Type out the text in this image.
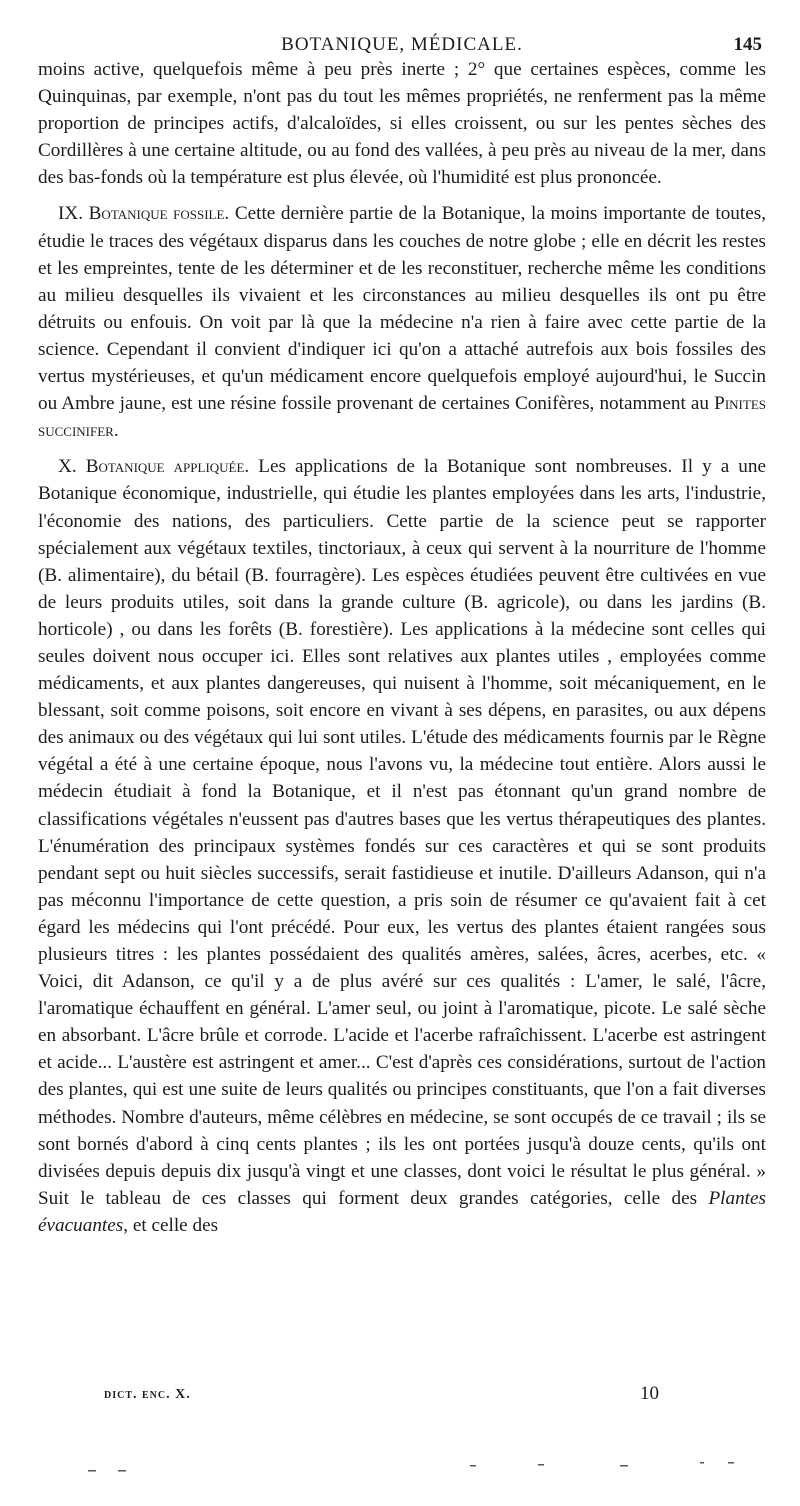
BOTANIQUE, MÉDICALE.	145

moins active, quelquefois même à peu près inerte ; 2° que certaines espèces, comme les Quinquinas, par exemple, n'ont pas du tout les mêmes propriétés, ne renferment pas la même proportion de principes actifs, d'alcaloïdes, si elles croissent, ou sur les pentes sèches des Cordillères à une certaine altitude, ou au fond des vallées, à peu près au niveau de la mer, dans des bas-fonds où la température est plus élevée, où l'humidité est plus prononcée.

IX. Botanique fossile. Cette dernière partie de la Botanique, la moins importante de toutes, étudie le traces des végétaux disparus dans les couches de notre globe ; elle en décrit les restes et les empreintes, tente de les déterminer et de les reconstituer, recherche même les conditions au milieu desquelles ils vivaient et les circonstances au milieu desquelles ils ont pu être détruits ou enfouis. On voit par là que la médecine n'a rien à faire avec cette partie de la science. Cependant il convient d'indiquer ici qu'on a attaché autrefois aux bois fossiles des vertus mystérieuses, et qu'un médicament encore quelquefois employé aujourd'hui, le Succin ou Ambre jaune, est une résine fossile provenant de certaines Conifères, notamment au Pinites succinifer.

X. Botanique appliquée. Les applications de la Botanique sont nombreuses. Il y a une Botanique économique, industrielle, qui étudie les plantes employées dans les arts, l'industrie, l'économie des nations, des particuliers. Cette partie de la science peut se rapporter spécialement aux végétaux textiles, tinctoriaux, à ceux qui servent à la nourriture de l'homme (B. alimentaire), du bétail (B. fourragère). Les espèces étudiées peuvent être cultivées en vue de leurs produits utiles, soit dans la grande culture (B. agricole), ou dans les jardins (B. horticole) , ou dans les forêts (B. forestière). Les applications à la médecine sont celles qui seules doivent nous occuper ici. Elles sont relatives aux plantes utiles , employées comme médicaments, et aux plantes dangereuses, qui nuisent à l'homme, soit mécaniquement, en le blessant, soit comme poisons, soit encore en vivant à ses dépens, en parasites, ou aux dépens des animaux ou des végétaux qui lui sont utiles. L'étude des médicaments fournis par le Règne végétal a été à une certaine époque, nous l'avons vu, la médecine tout entière. Alors aussi le médecin étudiait à fond la Botanique, et il n'est pas étonnant qu'un grand nombre de classifications végétales n'eussent pas d'autres bases que les vertus thérapeutiques des plantes. L'énumération des principaux systèmes fondés sur ces caractères et qui se sont produits pendant sept ou huit siècles successifs, serait fastidieuse et inutile. D'ailleurs Adanson, qui n'a pas méconnu l'importance de cette question, a pris soin de résumer ce qu'avaient fait à cet égard les médecins qui l'ont précédé. Pour eux, les vertus des plantes étaient rangées sous plusieurs titres : les plantes possédaient des qualités amères, salées, âcres, acerbes, etc. « Voici, dit Adanson, ce qu'il y a de plus avéré sur ces qualités : L'amer, le salé, l'âcre, l'aromatique échauffent en général. L'amer seul, ou joint à l'aromatique, picote. Le salé sèche en absorbant. L'âcre brûle et corrode. L'acide et l'acerbe rafraîchissent. L'acerbe est astringent et acide... L'austère est astringent et amer... C'est d'après ces considérations, surtout de l'action des plantes, qui est une suite de leurs qualités ou principes constituants, que l'on a fait diverses méthodes. Nombre d'auteurs, même célèbres en médecine, se sont occupés de ce travail ; ils se sont bornés d'abord à cinq cents plantes ; ils les ont portées jusqu'à douze cents, qu'ils ont divisées depuis depuis dix jusqu'à vingt et une classes, dont voici le résultat le plus général. » Suit le tableau de ces classes qui forment deux grandes catégories, celle des Plantes évacuantes, et celle des

dict. enc. X.	10
